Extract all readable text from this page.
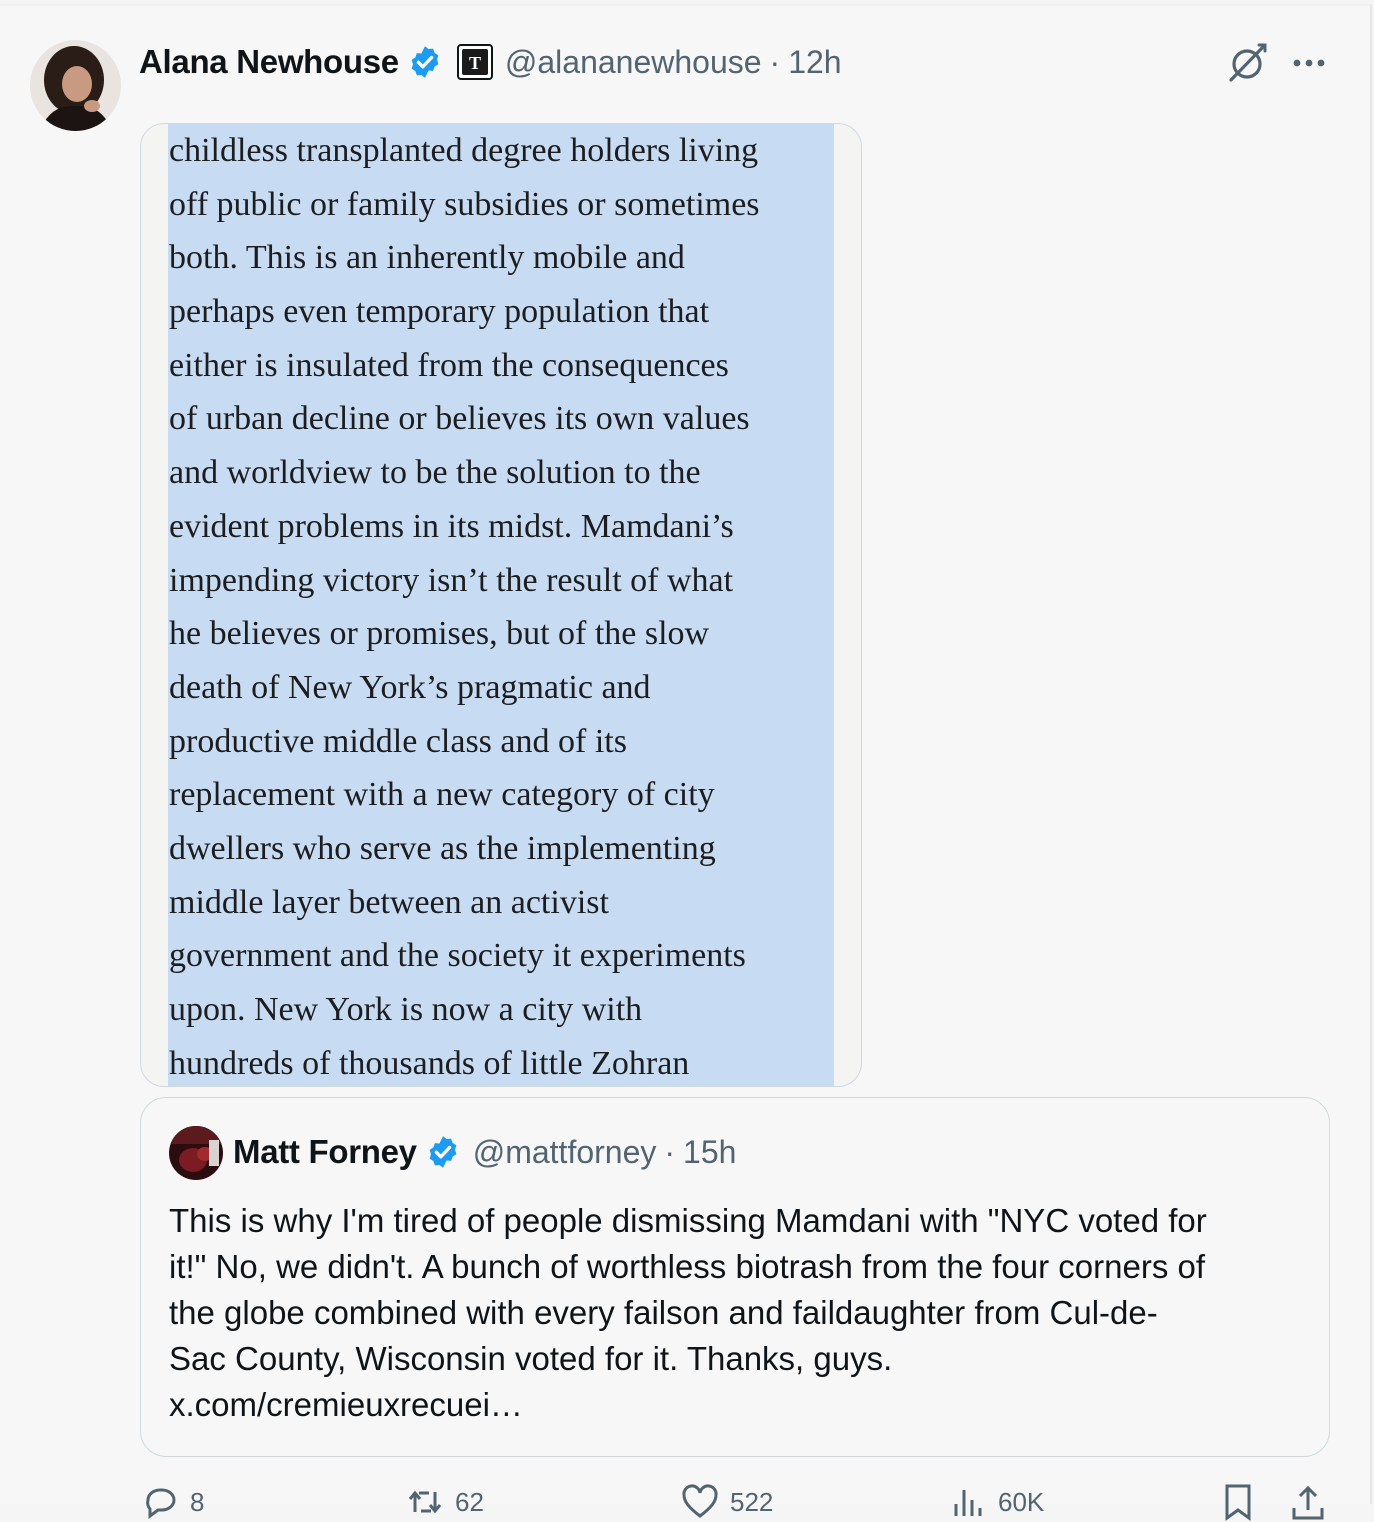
Alana Newhouse	T @alananewhouse · 12h
childless transplanted degree holders living
off public or family subsidies or sometimes
both. This is an inherently mobile and
perhaps even temporary population that
either is insulated from the consequences
of urban decline or believes its own values
and worldview to be the solution to the
evident problems in its midst. Mamdani’s
impending victory isn’t the result of what
he believes or promises, but of the slow
death of New York’s pragmatic and
productive middle class and of its
replacement with a new category of city
dwellers who serve as the implementing
middle layer between an activist
government and the society it experiments
upon. New York is now a city with
hundreds of thousands of little Zohran
Matt Forney @mattforney · 15h
This is why I'm tired of people dismissing Mamdani with "NYC voted for
it!" No, we didn't. A bunch of worthless biotrash from the four corners of
the globe combined with every failson and faildaughter from Cul-de-
Sac County, Wisconsin voted for it. Thanks, guys.
x.com/cremieuxrecuei…
8	62	522	60K
